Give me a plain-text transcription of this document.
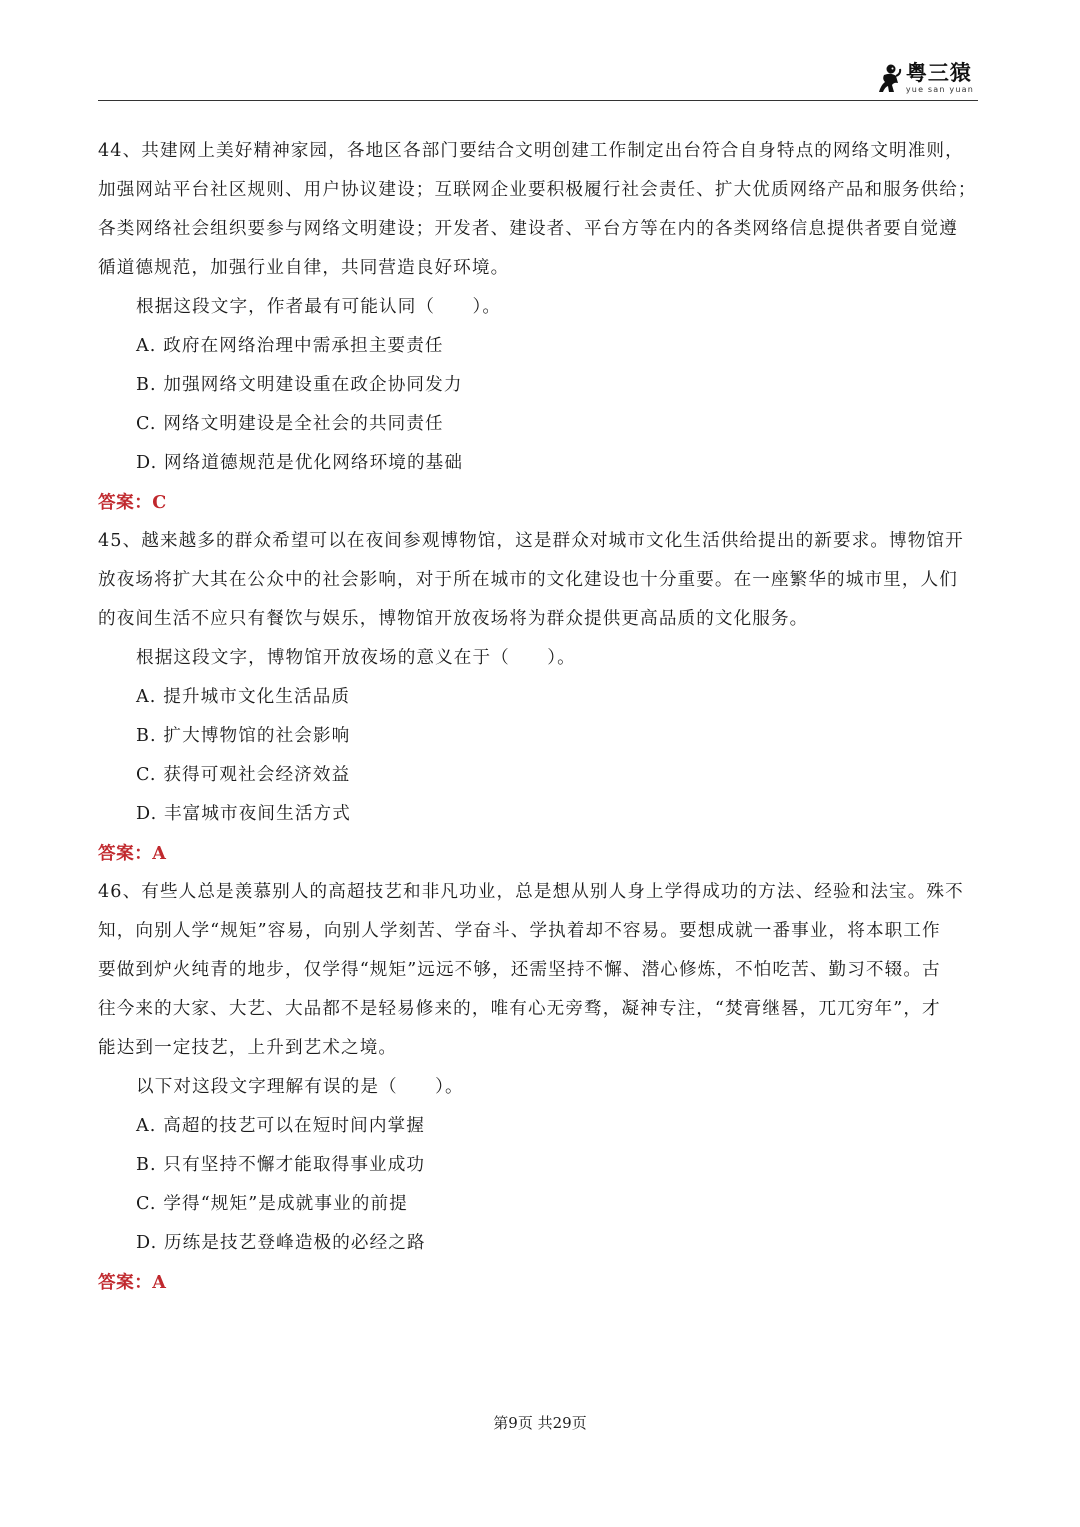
粤三猿
yue san yuan
44、共建网上美好精神家园，各地区各部门要结合文明创建工作制定出台符合自身特点的网络文明准则，
加强网站平台社区规则、用户协议建设；互联网企业要积极履行社会责任、扩大优质网络产品和服务供给；
各类网络社会组织要参与网络文明建设；开发者、建设者、平台方等在内的各类网络信息提供者要自觉遵
循道德规范，加强行业自律，共同营造良好环境。
根据这段文字，作者最有可能认同（　　）。
A. 政府在网络治理中需承担主要责任
B. 加强网络文明建设重在政企协同发力
C. 网络文明建设是全社会的共同责任
D. 网络道德规范是优化网络环境的基础
答案：C
45、越来越多的群众希望可以在夜间参观博物馆，这是群众对城市文化生活供给提出的新要求。博物馆开
放夜场将扩大其在公众中的社会影响，对于所在城市的文化建设也十分重要。在一座繁华的城市里，人们
的夜间生活不应只有餐饮与娱乐，博物馆开放夜场将为群众提供更高品质的文化服务。
根据这段文字，博物馆开放夜场的意义在于（　　）。
A. 提升城市文化生活品质
B. 扩大博物馆的社会影响
C. 获得可观社会经济效益
D. 丰富城市夜间生活方式
答案：A
46、有些人总是羡慕别人的高超技艺和非凡功业，总是想从别人身上学得成功的方法、经验和法宝。殊不
知，向别人学“规矩”容易，向别人学刻苦、学奋斗、学执着却不容易。要想成就一番事业，将本职工作
要做到炉火纯青的地步，仅学得“规矩”远远不够，还需坚持不懈、潜心修炼，不怕吃苦、勤习不辍。古
往今来的大家、大艺、大品都不是轻易修来的，唯有心无旁骛，凝神专注，“焚膏继晷，兀兀穷年”，才
能达到一定技艺，上升到艺术之境。
以下对这段文字理解有误的是（　　）。
A. 高超的技艺可以在短时间内掌握
B. 只有坚持不懈才能取得事业成功
C. 学得“规矩”是成就事业的前提
D. 历练是技艺登峰造极的必经之路
答案：A
第9页 共29页
